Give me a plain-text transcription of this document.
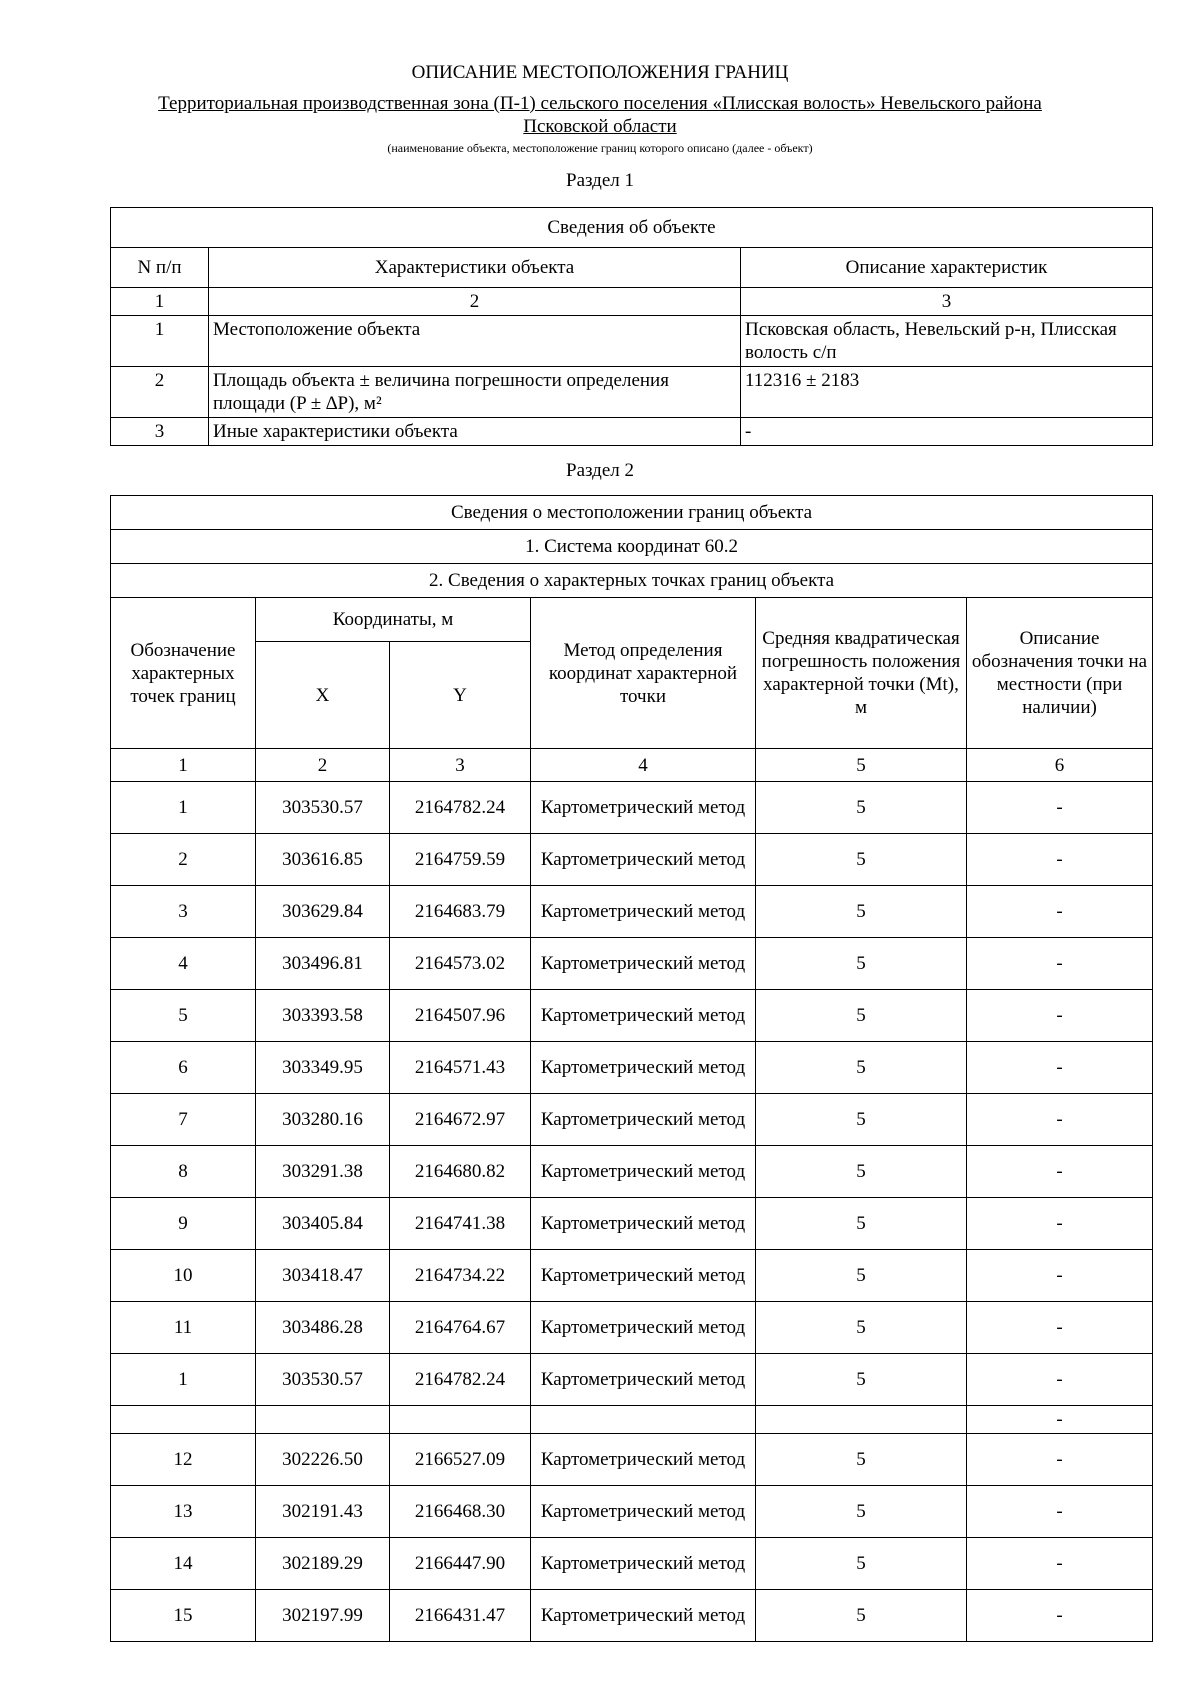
ОПИСАНИЕ МЕСТОПОЛОЖЕНИЯ ГРАНИЦ
Территориальная производственная зона (П-1) сельского поселения «Плисская волость» Невельского района
Псковской области
(наименование объекта, местоположение границ которого описано (далее - объект)
Раздел 1
Сведения об объекте		
N п/п	Характеристики объекта	Описание характеристик
1	2	3
1	Местоположение объекта	Псковская область, Невельский р-н, Плисская волость с/п
2	Площадь объекта ± величина погрешности определения площади (P ± ∆P), м²	112316 ± 2183
3	Иные характеристики объекта	-
Раздел 2
Сведения о местоположении границ объекта					
1. Система координат 60.2					
2. Сведения о характерных точках границ объекта					
Обозначение характерных точек границ	Координаты, м		Метод определения координат характерной точки	Средняя квадратическая погрешность положения характерной точки (Mt), м	Описание обозначения точки на местности (при наличии)
	X	Y			
1	2	3	4	5	6
1	303530.57	2164782.24	Картометрический метод	5	-
2	303616.85	2164759.59	Картометрический метод	5	-
3	303629.84	2164683.79	Картометрический метод	5	-
4	303496.81	2164573.02	Картометрический метод	5	-
5	303393.58	2164507.96	Картометрический метод	5	-
6	303349.95	2164571.43	Картометрический метод	5	-
7	303280.16	2164672.97	Картометрический метод	5	-
8	303291.38	2164680.82	Картометрический метод	5	-
9	303405.84	2164741.38	Картометрический метод	5	-
10	303418.47	2164734.22	Картометрический метод	5	-
11	303486.28	2164764.67	Картометрический метод	5	-
1	303530.57	2164782.24	Картометрический метод	5	-
					-
12	302226.50	2166527.09	Картометрический метод	5	-
13	302191.43	2166468.30	Картометрический метод	5	-
14	302189.29	2166447.90	Картометрический метод	5	-
15	302197.99	2166431.47	Картометрический метод	5	-
